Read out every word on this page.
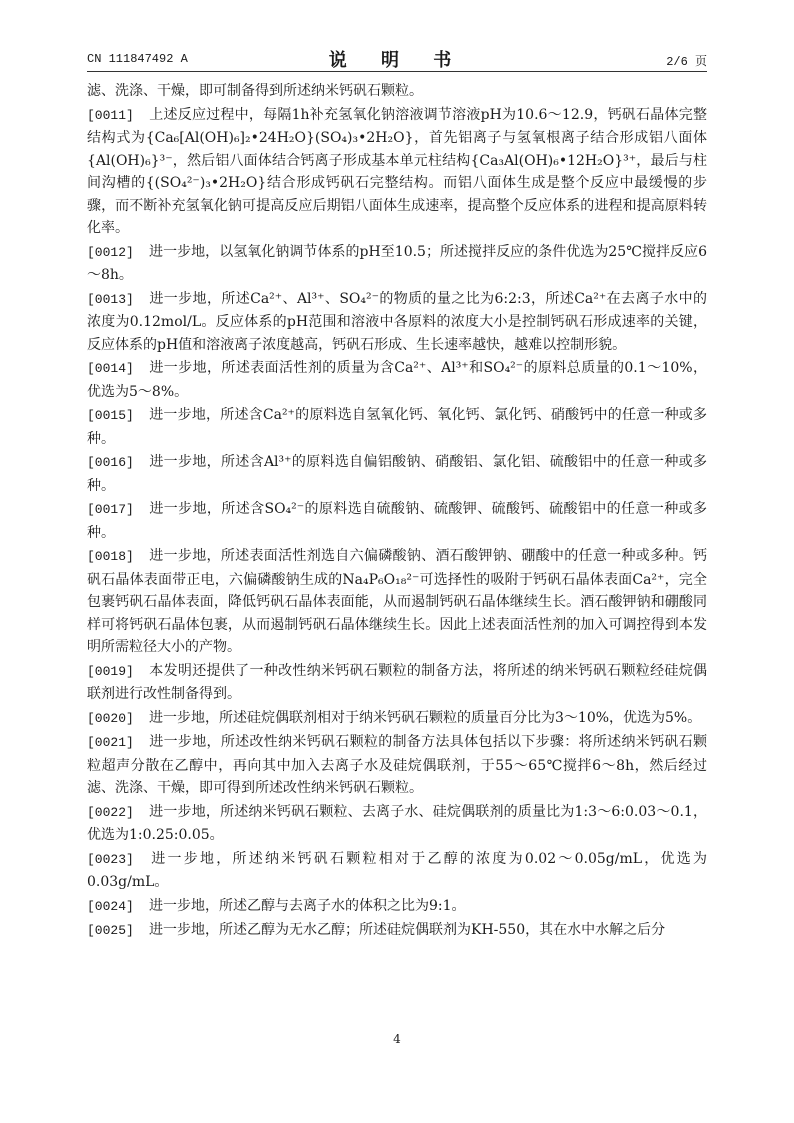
CN 111847492 A	说 明 书	2/6 页

滤、洗涤、干燥，即可制备得到所述纳米钙矾石颗粒。

[0011] 上述反应过程中，每隔1h补充氢氧化钠溶液调节溶液pH为10.6～12.9，钙矾石晶体完整结构式为{Ca₆[Al(OH)₆]₂•24H₂O}(SO₄)₃•2H₂O}，首先铝离子与氢氧根离子结合形成铝八面体{Al(OH)₆}³⁻，然后铝八面体结合钙离子形成基本单元柱结构{Ca₃Al(OH)₆•12H₂O}³⁺，最后与柱间沟槽的{(SO₄²⁻)₃•2H₂O}结合形成钙矾石完整结构。而铝八面体生成是整个反应中最缓慢的步骤，而不断补充氢氧化钠可提高反应后期铝八面体生成速率，提高整个反应体系的进程和提高原料转化率。

[0012] 进一步地，以氢氧化钠调节体系的pH至10.5；所述搅拌反应的条件优选为25℃搅拌反应6～8h。

[0013] 进一步地，所述Ca²⁺、Al³⁺、SO₄²⁻的物质的量之比为6:2:3，所述Ca²⁺在去离子水中的浓度为0.12mol/L。反应体系的pH范围和溶液中各原料的浓度大小是控制钙矾石形成速率的关键，反应体系的pH值和溶液离子浓度越高，钙矾石形成、生长速率越快，越难以控制形貌。

[0014] 进一步地，所述表面活性剂的质量为含Ca²⁺、Al³⁺和SO₄²⁻的原料总质量的0.1～10%，优选为5～8%。

[0015] 进一步地，所述含Ca²⁺的原料选自氢氧化钙、氧化钙、氯化钙、硝酸钙中的任意一种或多种。

[0016] 进一步地，所述含Al³⁺的原料选自偏铝酸钠、硝酸铝、氯化铝、硫酸铝中的任意一种或多种。

[0017] 进一步地，所述含SO₄²⁻的原料选自硫酸钠、硫酸钾、硫酸钙、硫酸铝中的任意一种或多种。

[0018] 进一步地，所述表面活性剂选自六偏磷酸钠、酒石酸钾钠、硼酸中的任意一种或多种。钙矾石晶体表面带正电，六偏磷酸钠生成的Na₄P₆O₁₈²⁻可选择性的吸附于钙矾石晶体表面Ca²⁺，完全包裹钙矾石晶体表面，降低钙矾石晶体表面能，从而遏制钙矾石晶体继续生长。酒石酸钾钠和硼酸同样可将钙矾石晶体包裹，从而遏制钙矾石晶体继续生长。因此上述表面活性剂的加入可调控得到本发明所需粒径大小的产物。

[0019] 本发明还提供了一种改性纳米钙矾石颗粒的制备方法，将所述的纳米钙矾石颗粒经硅烷偶联剂进行改性制备得到。

[0020] 进一步地，所述硅烷偶联剂相对于纳米钙矾石颗粒的质量百分比为3～10%，优选为5%。

[0021] 进一步地，所述改性纳米钙矾石颗粒的制备方法具体包括以下步骤：将所述纳米钙矾石颗粒超声分散在乙醇中，再向其中加入去离子水及硅烷偶联剂，于55～65℃搅拌6～8h，然后经过滤、洗涤、干燥，即可得到所述改性纳米钙矾石颗粒。

[0022] 进一步地，所述纳米钙矾石颗粒、去离子水、硅烷偶联剂的质量比为1:3～6:0.03～0.1，优选为1:0.25:0.05。

[0023] 进一步地，所述纳米钙矾石颗粒相对于乙醇的浓度为0.02～0.05g/mL，优选为0.03g/mL。

[0024] 进一步地，所述乙醇与去离子水的体积之比为9:1。

[0025] 进一步地，所述乙醇为无水乙醇；所述硅烷偶联剂为KH-550，其在水中水解之后分

4
